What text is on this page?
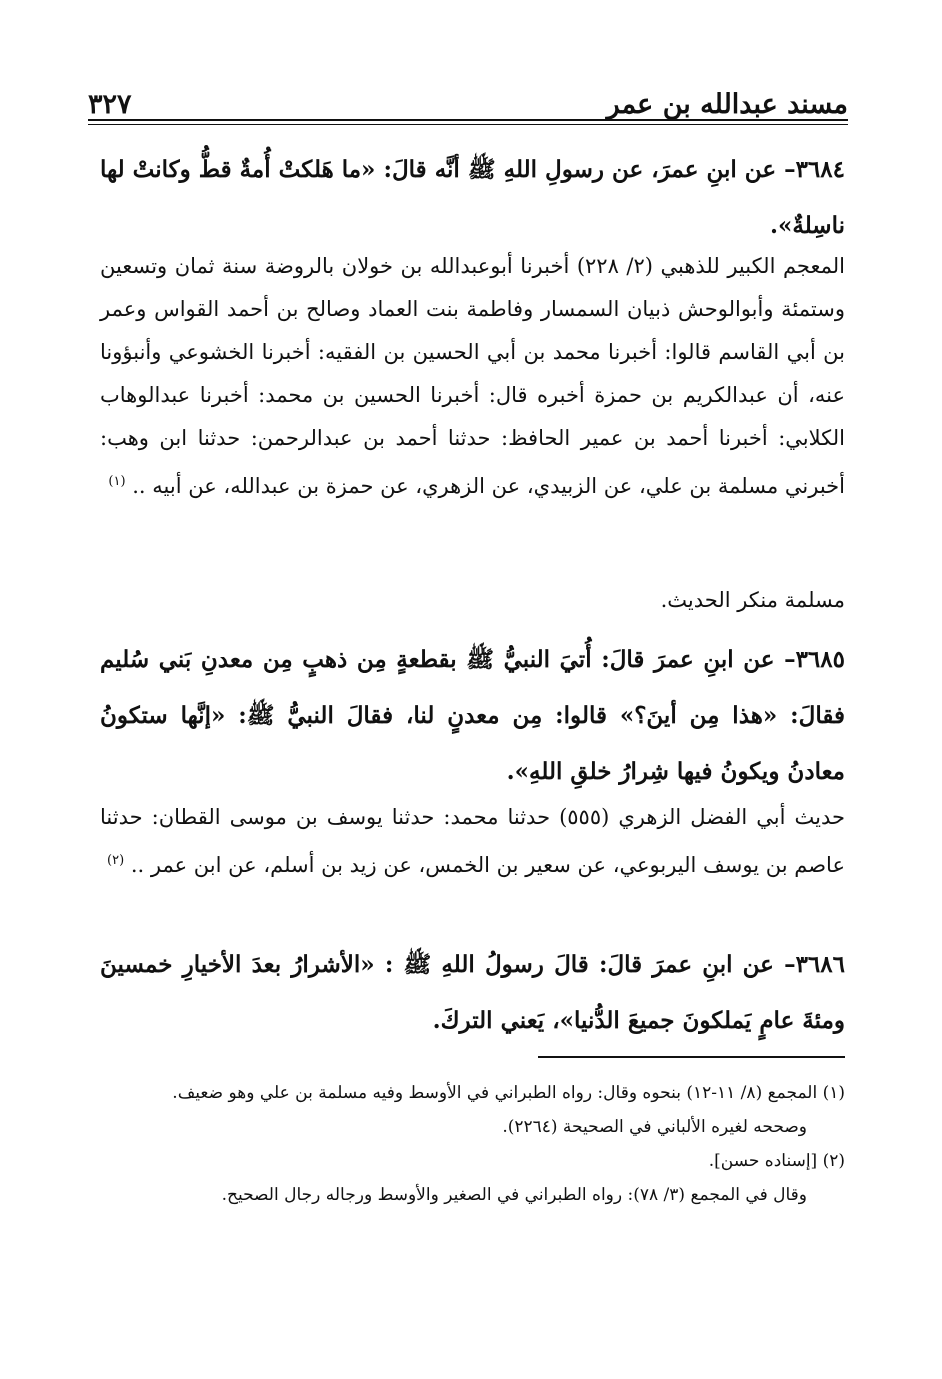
مسند عبدالله بن عمر
٣٢٧
٣٦٨٤– عن ابنِ عمرَ، عن رسولِ اللهِ ﷺ أنَّه قالَ: «ما هَلكتْ أُمةٌ قطُّ وكانتْ لها ناسِلةٌ».
المعجم الكبير للذهبي (٢/ ٢٢٨) أخبرنا أبوعبدالله بن خولان بالروضة سنة ثمان وتسعين وستمئة وأبوالوحش ذبيان السمسار وفاطمة بنت العماد وصالح بن أحمد القواس وعمر بن أبي القاسم قالوا: أخبرنا محمد بن أبي الحسين بن الفقيه: أخبرنا الخشوعي وأنبؤونا عنه، أن عبدالكريم بن حمزة أخبره قال: أخبرنا الحسين بن محمد: أخبرنا عبدالوهاب الكلابي: أخبرنا أحمد بن عمير الحافظ: حدثنا أحمد بن عبدالرحمن: حدثنا ابن وهب: أخبرني مسلمة بن علي، عن الزبيدي، عن الزهري، عن حمزة بن عبدالله، عن أبيه .. $^{(١)}$
مسلمة منكر الحديث.
٣٦٨٥– عن ابنِ عمرَ قالَ: أُتيَ النبيُّ ﷺ بقطعةٍ مِن ذهبٍ مِن معدنِ بَني سُليم فقالَ: «هذا مِن أينَ؟» قالوا: مِن معدنٍ لنا، فقالَ النبيُّ ﷺ: «إنَّها ستكونُ معادنُ ويكونُ فيها شِرارُ خلقِ اللهِ».
حديث أبي الفضل الزهري (٥٥٥) حدثنا محمد: حدثنا يوسف بن موسى القطان: حدثنا عاصم بن يوسف اليربوعي، عن سعير بن الخمس، عن زيد بن أسلم، عن ابن عمر .. $^{(٢)}$
٣٦٨٦– عن ابنِ عمرَ قالَ: قالَ رسولُ اللهِ ﷺ : «الأشرارُ بعدَ الأخيارِ خمسينَ ومئةَ عامٍ يَملكونَ جميعَ الدُّنيا»، يَعني التركَ.

(١) المجمع (٨/ ١١-١٢) بنحوه وقال: رواه الطبراني في الأوسط وفيه مسلمة بن علي وهو ضعيف.

وصححه لغيره الألباني في الصحيحة (٢٢٦٤).

(٢) [إسناده حسن].

وقال في المجمع (٣/ ٧٨): رواه الطبراني في الصغير والأوسط ورجاله رجال الصحيح.
